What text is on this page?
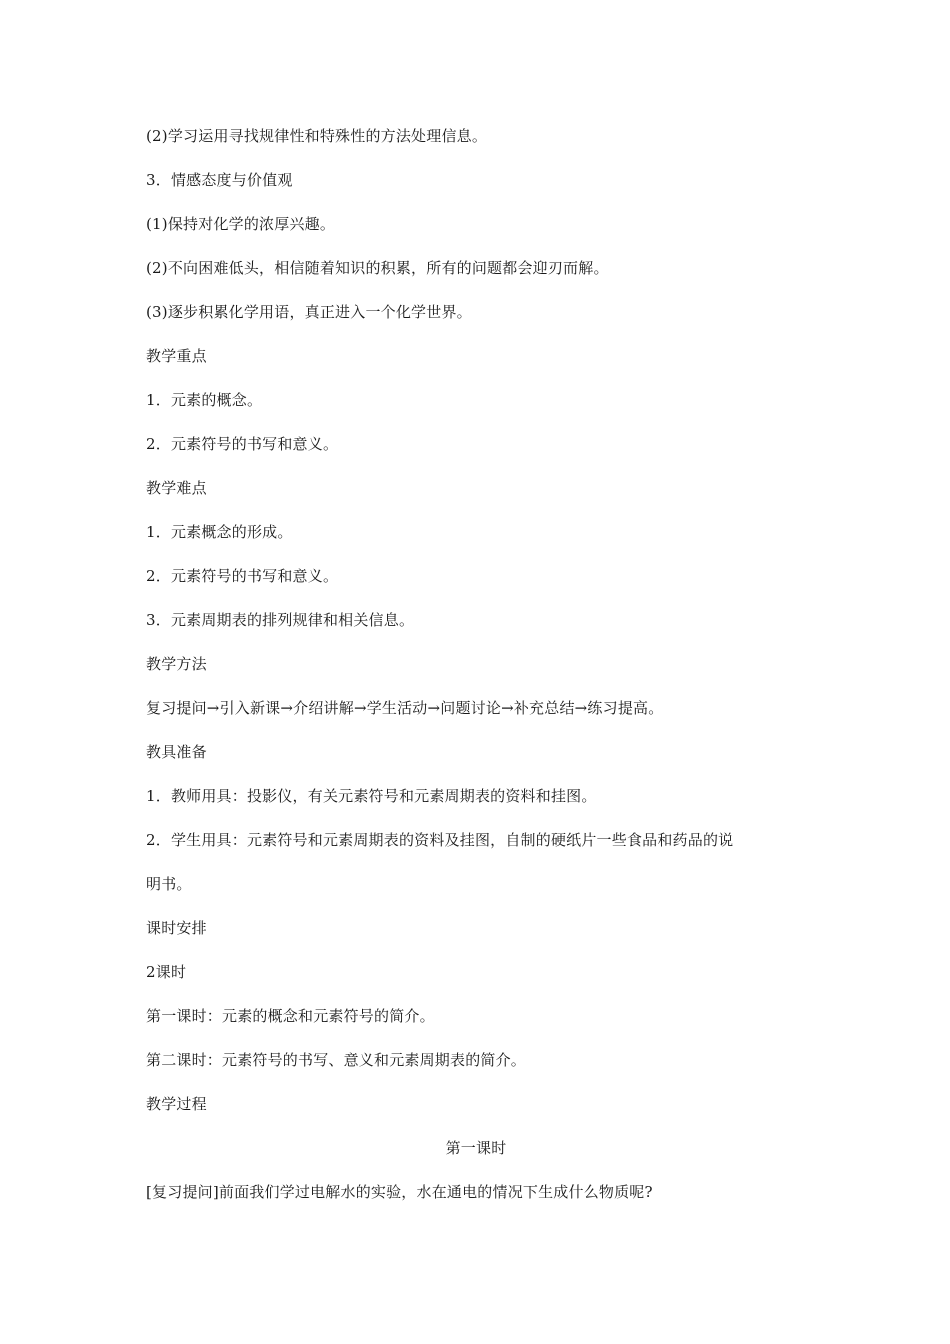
(2)学习运用寻找规律性和特殊性的方法处理信息。
3．情感态度与价值观
(1)保持对化学的浓厚兴趣。
(2)不向困难低头，相信随着知识的积累，所有的问题都会迎刃而解。
(3)逐步积累化学用语，真正进入一个化学世界。
教学重点
1．元素的概念。
2．元素符号的书写和意义。
教学难点
1．元素概念的形成。
2．元素符号的书写和意义。
3．元素周期表的排列规律和相关信息。
教学方法
复习提问→引入新课→介绍讲解→学生活动→问题讨论→补充总结→练习提高。
教具准备
1．教师用具：投影仪，有关元素符号和元素周期表的资料和挂图。
2．学生用具：元素符号和元素周期表的资料及挂图，自制的硬纸片一些食品和药品的说
明书。
课时安排
2课时
第一课时：元素的概念和元素符号的简介。
第二课时：元素符号的书写、意义和元素周期表的简介。
教学过程
第一课时
[复习提问]前面我们学过电解水的实验，水在通电的情况下生成什么物质呢?
